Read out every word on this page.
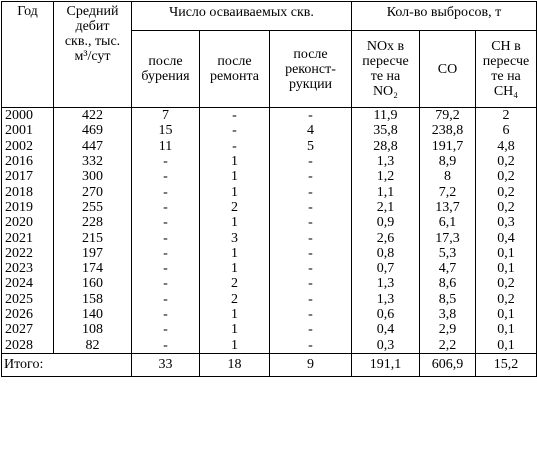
Год	Средний
дебит
скв., тыс.
м³/сут	Число осваиваемых скв.			Кол-во выбросов, т		
		после
бурения	после
ремонта	после
реконст-
рукции	NOх в
пересче
те на
NO₂	CO	CH в
пересче
те на
CH₄
2000	422	7	-	-	11,9	79,2	2
2001	469	15	-	4	35,8	238,8	6
2002	447	11	-	5	28,8	191,7	4,8
2016	332	-	1	-	1,3	8,9	0,2
2017	300	-	1	-	1,2	8	0,2
2018	270	-	1	-	1,1	7,2	0,2
2019	255	-	2	-	2,1	13,7	0,2
2020	228	-	1	-	0,9	6,1	0,3
2021	215	-	3	-	2,6	17,3	0,4
2022	197	-	1	-	0,8	5,3	0,1
2023	174	-	1	-	0,7	4,7	0,1
2024	160	-	2	-	1,3	8,6	0,2
2025	158	-	2	-	1,3	8,5	0,2
2026	140	-	1	-	0,6	3,8	0,1
2027	108	-	1	-	0,4	2,9	0,1
2028	82	-	1	-	0,3	2,2	0,1
Итого:		33	18	9	191,1	606,9	15,2
